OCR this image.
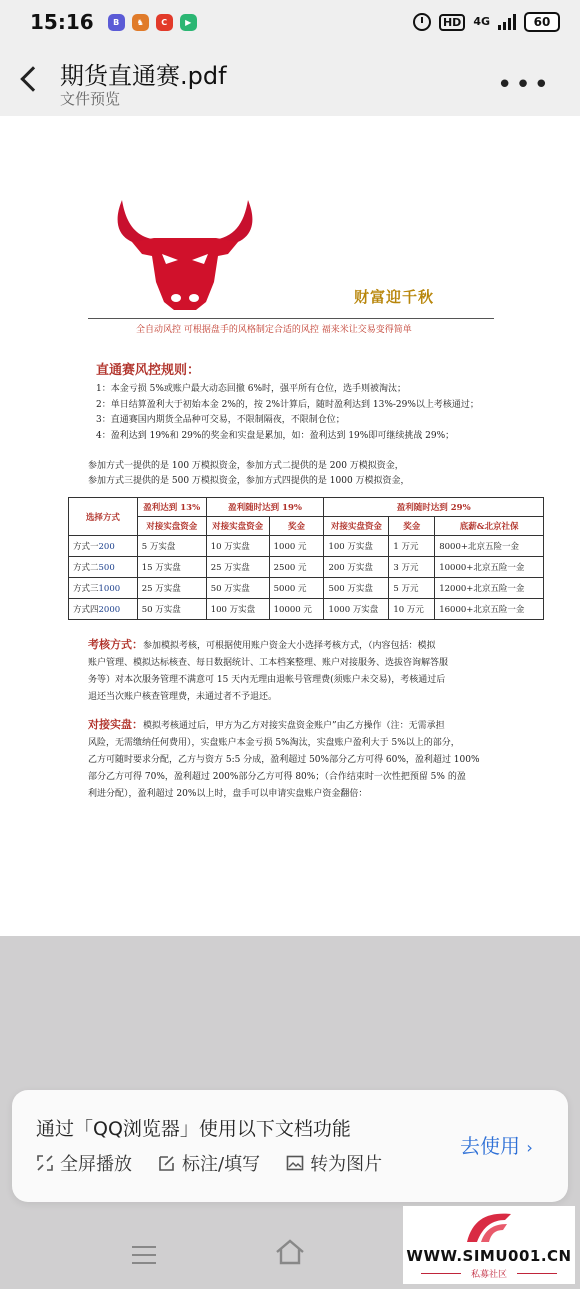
15:16	B	♞	C	▶	HD	4G	60
期货直通赛.pdf
文件预览	•••
财富迎千秋
全自动风控 可根据盘手的风格制定合适的风控 福来米让交易变得简单
直通赛风控规则：
1：本金亏损 5%或账户最大动态回撤 6%时，强平所有仓位，选手则被淘汰；
2：单日结算盈利大于初始本金 2%的，按 2%计算后，随时盈利达到 13%-29%以上考核通过；
3：直通赛国内期货全品种可交易，不限制隔夜，不限制仓位；
4：盈利达到 19%和 29%的奖金和实盘是累加，如：盈利达到 19%即可继续挑战 29%；
参加方式一提供的是 100 万模拟资金，参加方式二提供的是 200 万模拟资金，
参加方式三提供的是 500 万模拟资金，参加方式四提供的是 1000 万模拟资金，
选择方式	盈利达到 13%	盈利随时达到 19%		盈利随时达到 29%		
	对接实盘资金	对接实盘资金	奖金	对接实盘资金	奖金	底薪&北京社保
方式一200	5 万实盘	10 万实盘	1000 元	100 万实盘	1 万元	8000+北京五险一金
方式二500	15 万实盘	25 万实盘	2500 元	200 万实盘	3 万元	10000+北京五险一金
方式三1000	25 万实盘	50 万实盘	5000 元	500 万实盘	5 万元	12000+北京五险一金
方式四2000	50 万实盘	100 万实盘	10000 元	1000 万实盘	10 万元	16000+北京五险一金
考核方式：参加模拟考核，可根据使用账户资金大小选择考核方式，（内容包括：模拟
账户管理、模拟达标核查、每日数据统计、工本档案整理、账户对接服务、选拔咨询解答服
务等）对本次服务管理不满意可 15 天内无理由退帐号管理费(须账户未交易)，考核通过后
退还当次账户核查管理费，未通过者不予退还。
对接实盘：模拟考核通过后，甲方为乙方对接实盘资金账户”由乙方操作（注：无需承担
风险，无需缴纳任何费用），实盘账户本金亏损 5%淘汰，实盘账户盈利大于 5%以上的部分，
乙方可随时要求分配，乙方与资方 5:5 分成，盈利超过 50%部分乙方可得 60%，盈利超过 100%
部分乙方可得 70%，盈利超过 200%部分乙方可得 80%；（合作结束时一次性把预留 5% 的盈
利进分配），盈利超过 20%以上时，盘手可以申请实盘账户资金翻倍：
通过「QQ浏览器」使用以下文档功能
去使用 ›
全屏播放	标注/填写	转为图片
WWW.SIMU001.CN
私募社区
